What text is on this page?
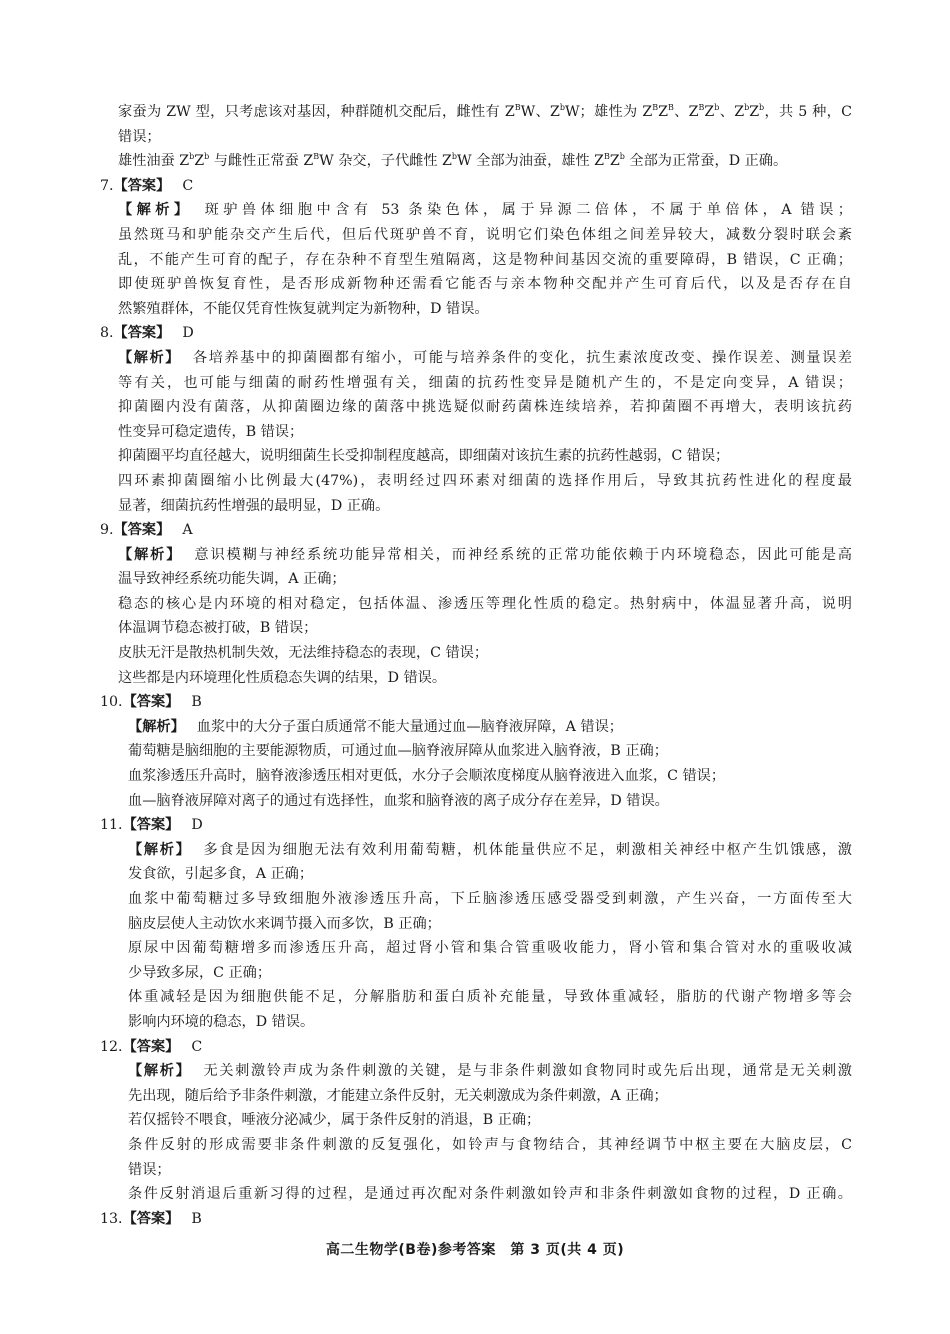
家蚕为 ZW 型，只考虑该对基因，种群随机交配后，雌性有 $Z^BW$、$Z^bW$；雄性为 $Z^BZ^B$、$Z^BZ^b$、$Z^bZ^b$，共 5 种，C
错误；
雄性油蚕 $Z^bZ^b$ 与雌性正常蚕 $Z^BW$ 杂交，子代雌性 $Z^bW$ 全部为油蚕，雄性 $Z^BZ^b$ 全部为正常蚕，D 正确。
7.【答案】 C
【解析】 斑驴兽体细胞中含有 53 条染色体，属于异源二倍体，不属于单倍体，A 错误；
虽然斑马和驴能杂交产生后代，但后代斑驴兽不育，说明它们染色体组之间差异较大，减数分裂时联会紊
乱，不能产生可育的配子，存在杂种不育型生殖隔离，这是物种间基因交流的重要障碍，B 错误，C 正确；
即使斑驴兽恢复育性，是否形成新物种还需看它能否与亲本物种交配并产生可育后代，以及是否存在自
然繁殖群体，不能仅凭育性恢复就判定为新物种，D 错误。
8.【答案】 D
【解析】 各培养基中的抑菌圈都有缩小，可能与培养条件的变化，抗生素浓度改变、操作误差、测量误差
等有关，也可能与细菌的耐药性增强有关，细菌的抗药性变异是随机产生的，不是定向变异，A 错误；
抑菌圈内没有菌落，从抑菌圈边缘的菌落中挑选疑似耐药菌株连续培养，若抑菌圈不再增大，表明该抗药
性变异可稳定遗传，B 错误；
抑菌圈平均直径越大，说明细菌生长受抑制程度越高，即细菌对该抗生素的抗药性越弱，C 错误；
四环素抑菌圈缩小比例最大(47%)，表明经过四环素对细菌的选择作用后，导致其抗药性进化的程度最
显著，细菌抗药性增强的最明显，D 正确。
9.【答案】 A
【解析】 意识模糊与神经系统功能异常相关，而神经系统的正常功能依赖于内环境稳态，因此可能是高
温导致神经系统功能失调，A 正确；
稳态的核心是内环境的相对稳定，包括体温、渗透压等理化性质的稳定。热射病中，体温显著升高，说明
体温调节稳态被打破，B 错误；
皮肤无汗是散热机制失效，无法维持稳态的表现，C 错误；
这些都是内环境理化性质稳态失调的结果，D 错误。
10.【答案】 B
【解析】 血浆中的大分子蛋白质通常不能大量通过血—脑脊液屏障，A 错误；
葡萄糖是脑细胞的主要能源物质，可通过血—脑脊液屏障从血浆进入脑脊液，B 正确；
血浆渗透压升高时，脑脊液渗透压相对更低，水分子会顺浓度梯度从脑脊液进入血浆，C 错误；
血—脑脊液屏障对离子的通过有选择性，血浆和脑脊液的离子成分存在差异，D 错误。
11.【答案】 D
【解析】 多食是因为细胞无法有效利用葡萄糖，机体能量供应不足，刺激相关神经中枢产生饥饿感，激
发食欲，引起多食，A 正确；
血浆中葡萄糖过多导致细胞外液渗透压升高，下丘脑渗透压感受器受到刺激，产生兴奋，一方面传至大
脑皮层使人主动饮水来调节摄入而多饮，B 正确；
原尿中因葡萄糖增多而渗透压升高，超过肾小管和集合管重吸收能力，肾小管和集合管对水的重吸收减
少导致多尿，C 正确；
体重减轻是因为细胞供能不足，分解脂肪和蛋白质补充能量，导致体重减轻，脂肪的代谢产物增多等会
影响内环境的稳态，D 错误。
12.【答案】 C
【解析】 无关刺激铃声成为条件刺激的关键，是与非条件刺激如食物同时或先后出现，通常是无关刺激
先出现，随后给予非条件刺激，才能建立条件反射，无关刺激成为条件刺激，A 正确；
若仅摇铃不喂食，唾液分泌减少，属于条件反射的消退，B 正确；
条件反射的形成需要非条件刺激的反复强化，如铃声与食物结合，其神经调节中枢主要在大脑皮层，C
错误；
条件反射消退后重新习得的过程，是通过再次配对条件刺激如铃声和非条件刺激如食物的过程，D 正确。
13.【答案】 B
高二生物学(B卷)参考答案　第 3 页(共 4 页)
